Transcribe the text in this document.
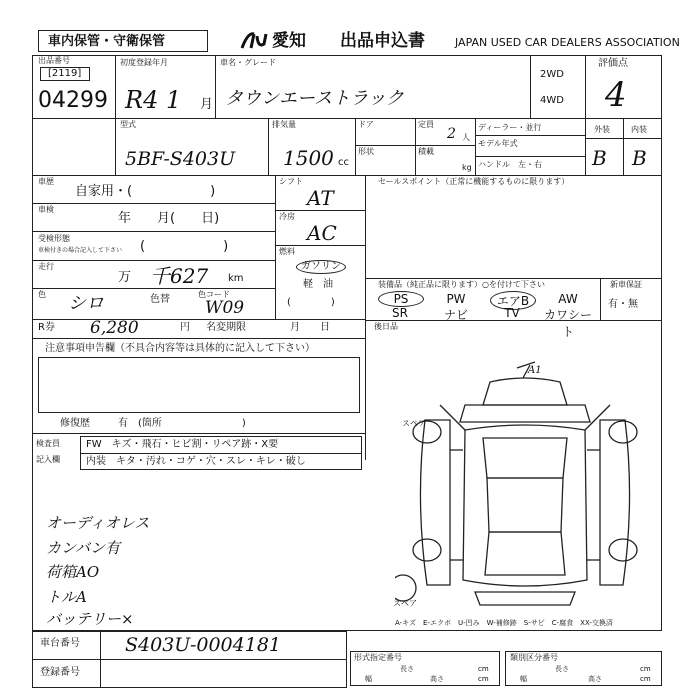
車内保管・守衛保管	愛知 出品申込書	JAPAN USED CAR DEALERS ASSOCIATION
出品番号
[2119]
04299
初度登録年月
R4 1 月
車名・グレード
タウンエーストラック
2WD
4WD
評価点
4
型式
5BF-S403U
排気量
1500 cc
ドア
形状
定員
2 人
積載
kg
ディーラー・並行
モデル年式
ハンドル　左・右
外装	内装
B B
車歴
自家用・(　　　　　　)
車検
年　　月(　　日)
受検形態
車検付きの場合記入して下さい (　　　　　　)
走行
万 千627 km
色 シロ	色替	色コード
W09
R券 6,280	円 名変期限	月　　日
シフト
AT
冷房
AC
燃料
ガソリン
軽　油
(　　　　)
セールスポイント（正常に機能するものに限ります）
装備品（純正品に限ります）○を付けて下さい
PS	PW	エアB	AW
SR	ナビ	TV	カワシート
新車保証
有・無
後日品
注意事項申告欄（不具合内容等は具体的に記入して下さい）
修復歴	有　(箇所　　　　　　　　)
検査員
記入欄
FW　キズ・飛石・ヒビ割・リペア跡・X要
内装　キタ・汚れ・コゲ・穴・スレ・キレ・破し
オーディオレス
カンバン有
荷箱AO
トルA
バッテリー×
A1
スペア
スペア
A-キズ　E-エクボ　U-凹み　W-補修跡　S-サビ　C-腐食　XX-交換済
車台番号 S403U-0004181
登録番号
形式指定番号
長さ
幅	高さ
cm
cm
類別区分番号
長さ
幅	高さ
cm
cm
